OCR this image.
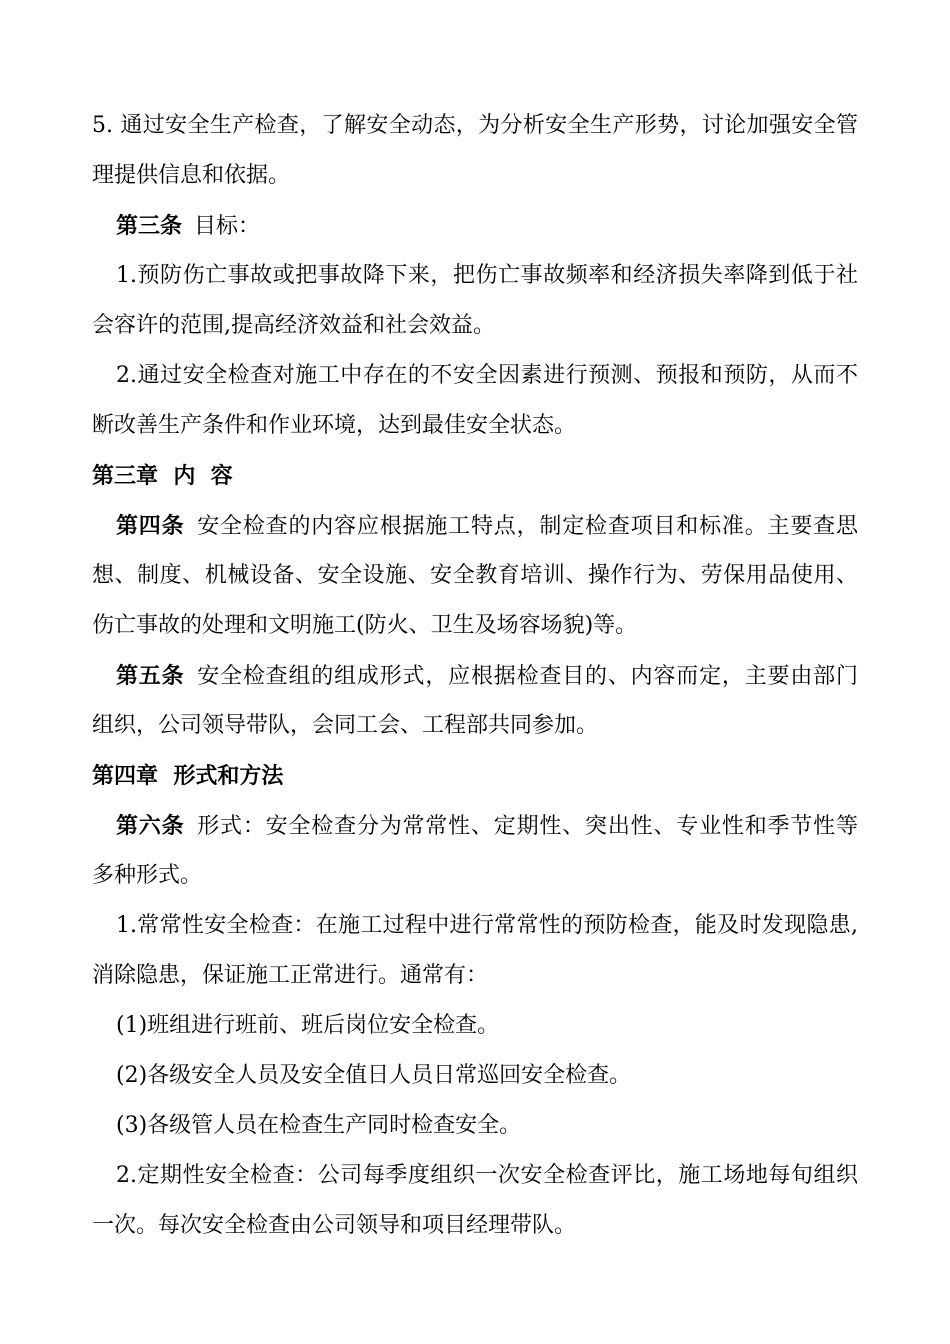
5. 通过安全生产检查，了解安全动态，为分析安全生产形势，讨论加强安全管

理提供信息和依据。

第三条 目标：

1.预防伤亡事故或把事故降下来，把伤亡事故频率和经济损失率降到低于社

会容许的范围,提高经济效益和社会效益。

2.通过安全检查对施工中存在的不安全因素进行预测、预报和预防，从而不

断改善生产条件和作业环境，达到最佳安全状态。

第三章  内  容

第四条 安全检查的内容应根据施工特点，制定检查项目和标准。主要查思

想、制度、机械设备、安全设施、安全教育培训、操作行为、劳保用品使用、

伤亡事故的处理和文明施工(防火、卫生及场容场貌)等。

第五条 安全检查组的组成形式，应根据检查目的、内容而定，主要由部门

组织，公司领导带队，会同工会、工程部共同参加。

第四章  形式和方法

第六条 形式：安全检查分为常常性、定期性、突出性、专业性和季节性等

多种形式。

1.常常性安全检查：在施工过程中进行常常性的预防检查，能及时发现隐患,

消除隐患，保证施工正常进行。通常有：

(1)班组进行班前、班后岗位安全检查。

(2)各级安全人员及安全值日人员日常巡回安全检查。

(3)各级管人员在检查生产同时检查安全。

2.定期性安全检查：公司每季度组织一次安全检查评比，施工场地每旬组织

一次。每次安全检查由公司领导和项目经理带队。
